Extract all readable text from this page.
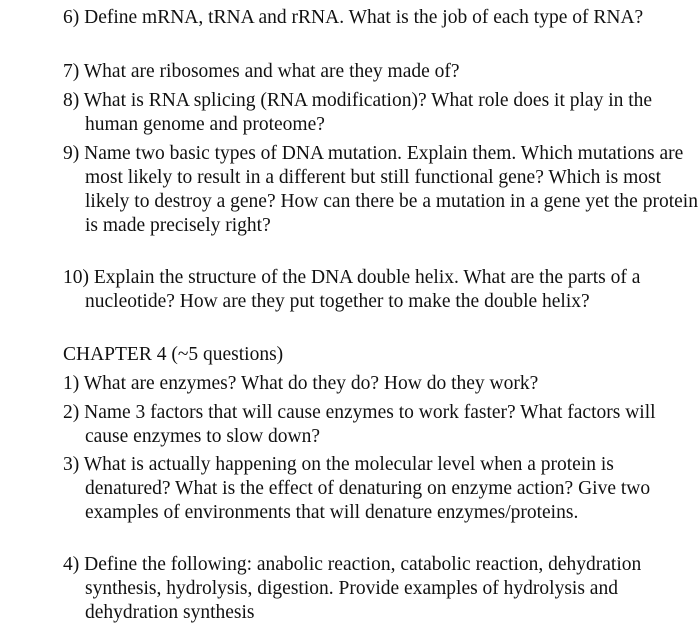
6) Define mRNA, tRNA and rRNA. What is the job of each type of RNA?
7) What are ribosomes and what are they made of?
8) What is RNA splicing (RNA modification)? What role does it play in the human genome and proteome?
9) Name two basic types of DNA mutation. Explain them. Which mutations are most likely to result in a different but still functional gene? Which is most likely to destroy a gene? How can there be a mutation in a gene yet the protein is made precisely right?
10) Explain the structure of the DNA double helix. What are the parts of a nucleotide? How are they put together to make the double helix?
CHAPTER 4 (~5 questions)
1) What are enzymes? What do they do? How do they work?
2) Name 3 factors that will cause enzymes to work faster? What factors will cause enzymes to slow down?
3) What is actually happening on the molecular level when a protein is denatured? What is the effect of denaturing on enzyme action? Give two examples of environments that will denature enzymes/proteins.
4) Define the following: anabolic reaction, catabolic reaction, dehydration synthesis, hydrolysis, digestion. Provide examples of hydrolysis and dehydration synthesis
